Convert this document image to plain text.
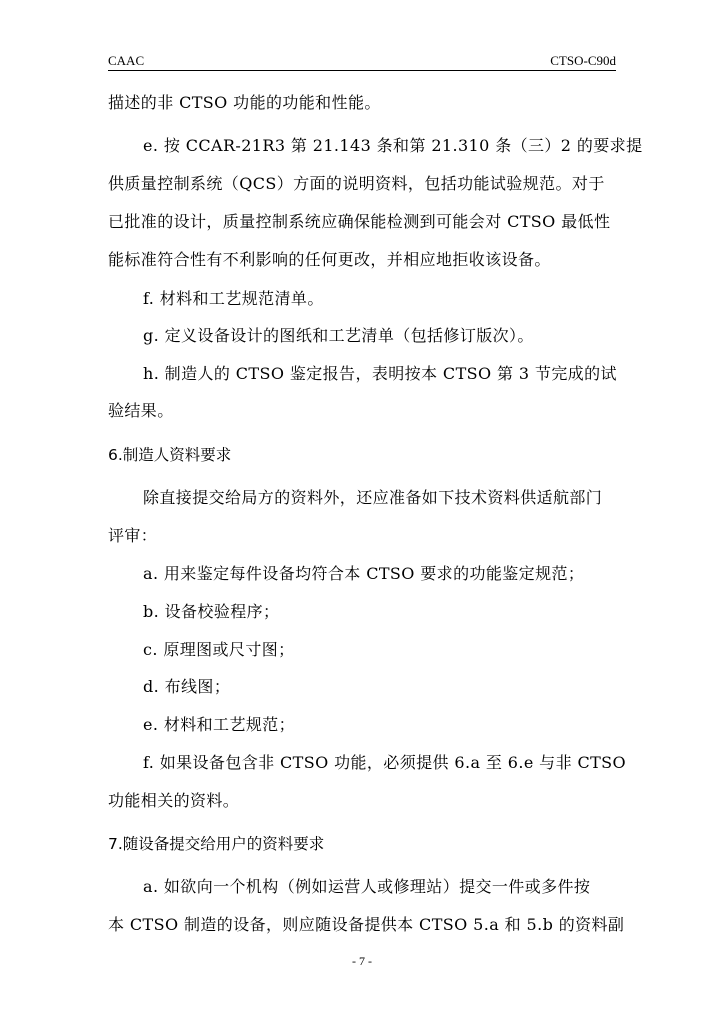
CAAC	CTSO-C90d
描述的非 CTSO 功能的功能和性能。
e. 按 CCAR-21R3 第 21.143 条和第 21.310 条（三）2 的要求提
供质量控制系统（QCS）方面的说明资料，包括功能试验规范。对于
已批准的设计，质量控制系统应确保能检测到可能会对 CTSO 最低性
能标准符合性有不利影响的任何更改，并相应地拒收该设备。
f. 材料和工艺规范清单。
g. 定义设备设计的图纸和工艺清单（包括修订版次）。
h. 制造人的 CTSO 鉴定报告，表明按本 CTSO 第 3 节完成的试
验结果。
6.制造人资料要求
除直接提交给局方的资料外，还应准备如下技术资料供适航部门
评审：
a. 用来鉴定每件设备均符合本 CTSO 要求的功能鉴定规范；
b. 设备校验程序；
c. 原理图或尺寸图；
d. 布线图；
e. 材料和工艺规范；
f. 如果设备包含非 CTSO 功能，必须提供 6.a 至 6.e 与非 CTSO
功能相关的资料。
7.随设备提交给用户的资料要求
a. 如欲向一个机构（例如运营人或修理站）提交一件或多件按
本 CTSO 制造的设备，则应随设备提供本 CTSO 5.a 和 5.b 的资料副
- 7 -
